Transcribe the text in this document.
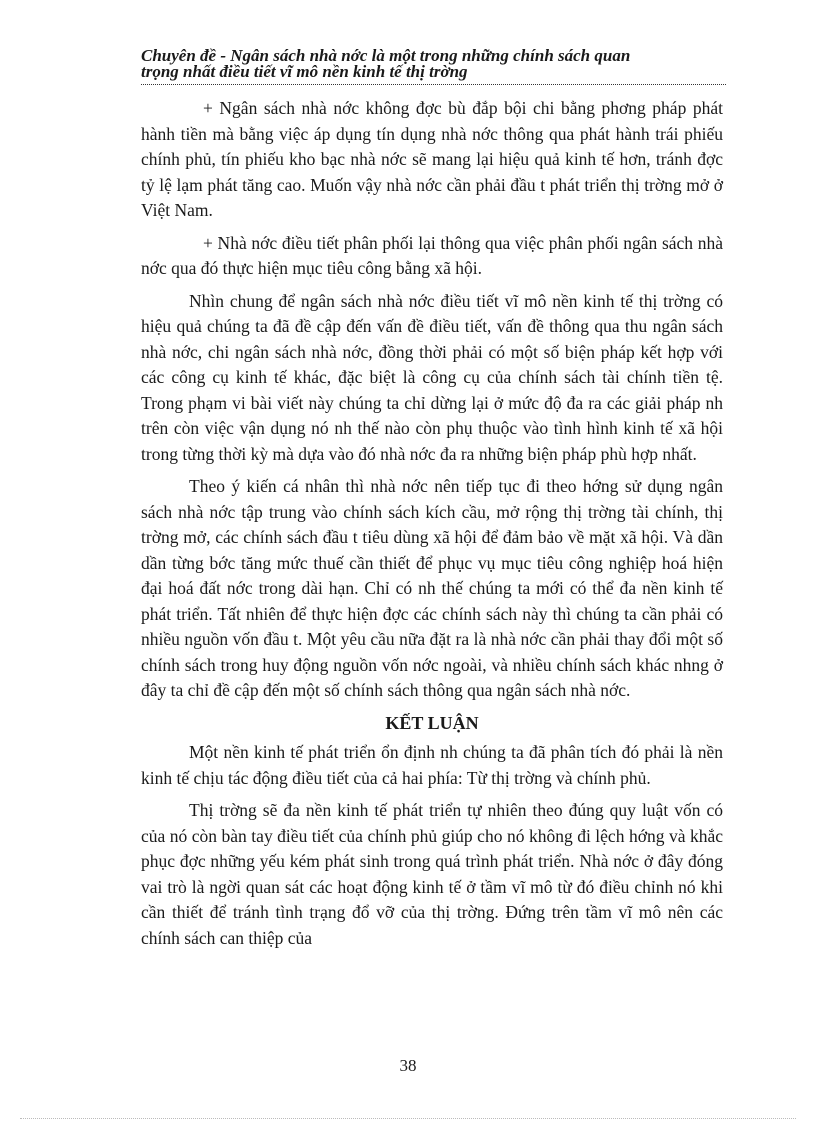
Chuyên đề - Ngân sách nhà nớc là một trong những chính sách quan
trọng nhất điều tiết vĩ mô nền kinh tế thị trờng

+ Ngân sách nhà nớc không đợc bù đắp bội chi bằng phơng pháp phát hành tiền mà bằng việc áp dụng tín dụng nhà nớc thông qua phát hành trái phiếu chính phủ, tín phiếu kho bạc nhà nớc sẽ mang lại hiệu quả kinh tế hơn, tránh đợc tỷ lệ lạm phát tăng cao. Muốn vậy nhà nớc cần phải đầu t phát triển thị trờng mở ở Việt Nam.

+ Nhà nớc điều tiết phân phối lại thông qua việc phân phối ngân sách nhà nớc qua đó thực hiện mục tiêu công bằng xã hội.

Nhìn chung để ngân sách nhà nớc điều tiết vĩ mô nền kinh tế thị trờng có hiệu quả chúng ta đã đề cập đến vấn đề điều tiết, vấn đề thông qua thu ngân sách nhà nớc, chi ngân sách nhà nớc, đồng thời phải có một số biện pháp kết hợp với các công cụ kinh tế khác, đặc biệt là công cụ của chính sách tài chính tiền tệ. Trong phạm vi bài viết này chúng ta chỉ dừng lại ở mức độ đa ra các giải pháp nh trên còn việc vận dụng nó nh thế nào còn phụ thuộc vào tình hình kinh tế xã hội trong từng thời kỳ mà dựa vào đó nhà nớc đa ra những biện pháp phù hợp nhất.

Theo ý kiến cá nhân thì nhà nớc nên tiếp tục đi theo hớng sử dụng ngân sách nhà nớc tập trung vào chính sách kích cầu, mở rộng thị trờng tài chính, thị trờng mở, các chính sách đầu t tiêu dùng xã hội để đảm bảo về mặt xã hội. Và dần dần từng bớc tăng mức thuế cần thiết để phục vụ mục tiêu công nghiệp hoá hiện đại hoá đất nớc trong dài hạn. Chỉ có nh thế chúng ta mới có thể đa nền kinh tế phát triển. Tất nhiên để thực hiện đợc các chính sách này thì chúng ta cần phải có nhiều nguồn vốn đầu t. Một yêu cầu nữa đặt ra là nhà nớc cần phải thay đổi một số chính sách trong huy động nguồn vốn nớc ngoài, và nhiều chính sách khác nhng ở đây ta chỉ đề cập đến một số chính sách thông qua ngân sách nhà nớc.

KẾT LUẬN

Một nền kinh tế phát triển ổn định nh chúng ta đã phân tích đó phải là nền kinh tế chịu tác động điều tiết của cả hai phía: Từ thị trờng và chính phủ.

Thị trờng sẽ đa nền kinh tế phát triển tự nhiên theo đúng quy luật vốn có của nó còn bàn tay điều tiết của chính phủ giúp cho nó không đi lệch hớng và khắc phục đợc những yếu kém phát sinh trong quá trình phát triển. Nhà nớc ở đây đóng vai trò là ngời quan sát các hoạt động kinh tế ở tầm vĩ mô từ đó điều chỉnh nó khi cần thiết để tránh tình trạng đổ vỡ của thị trờng. Đứng trên tầm vĩ mô nên các chính sách can thiệp của

38
